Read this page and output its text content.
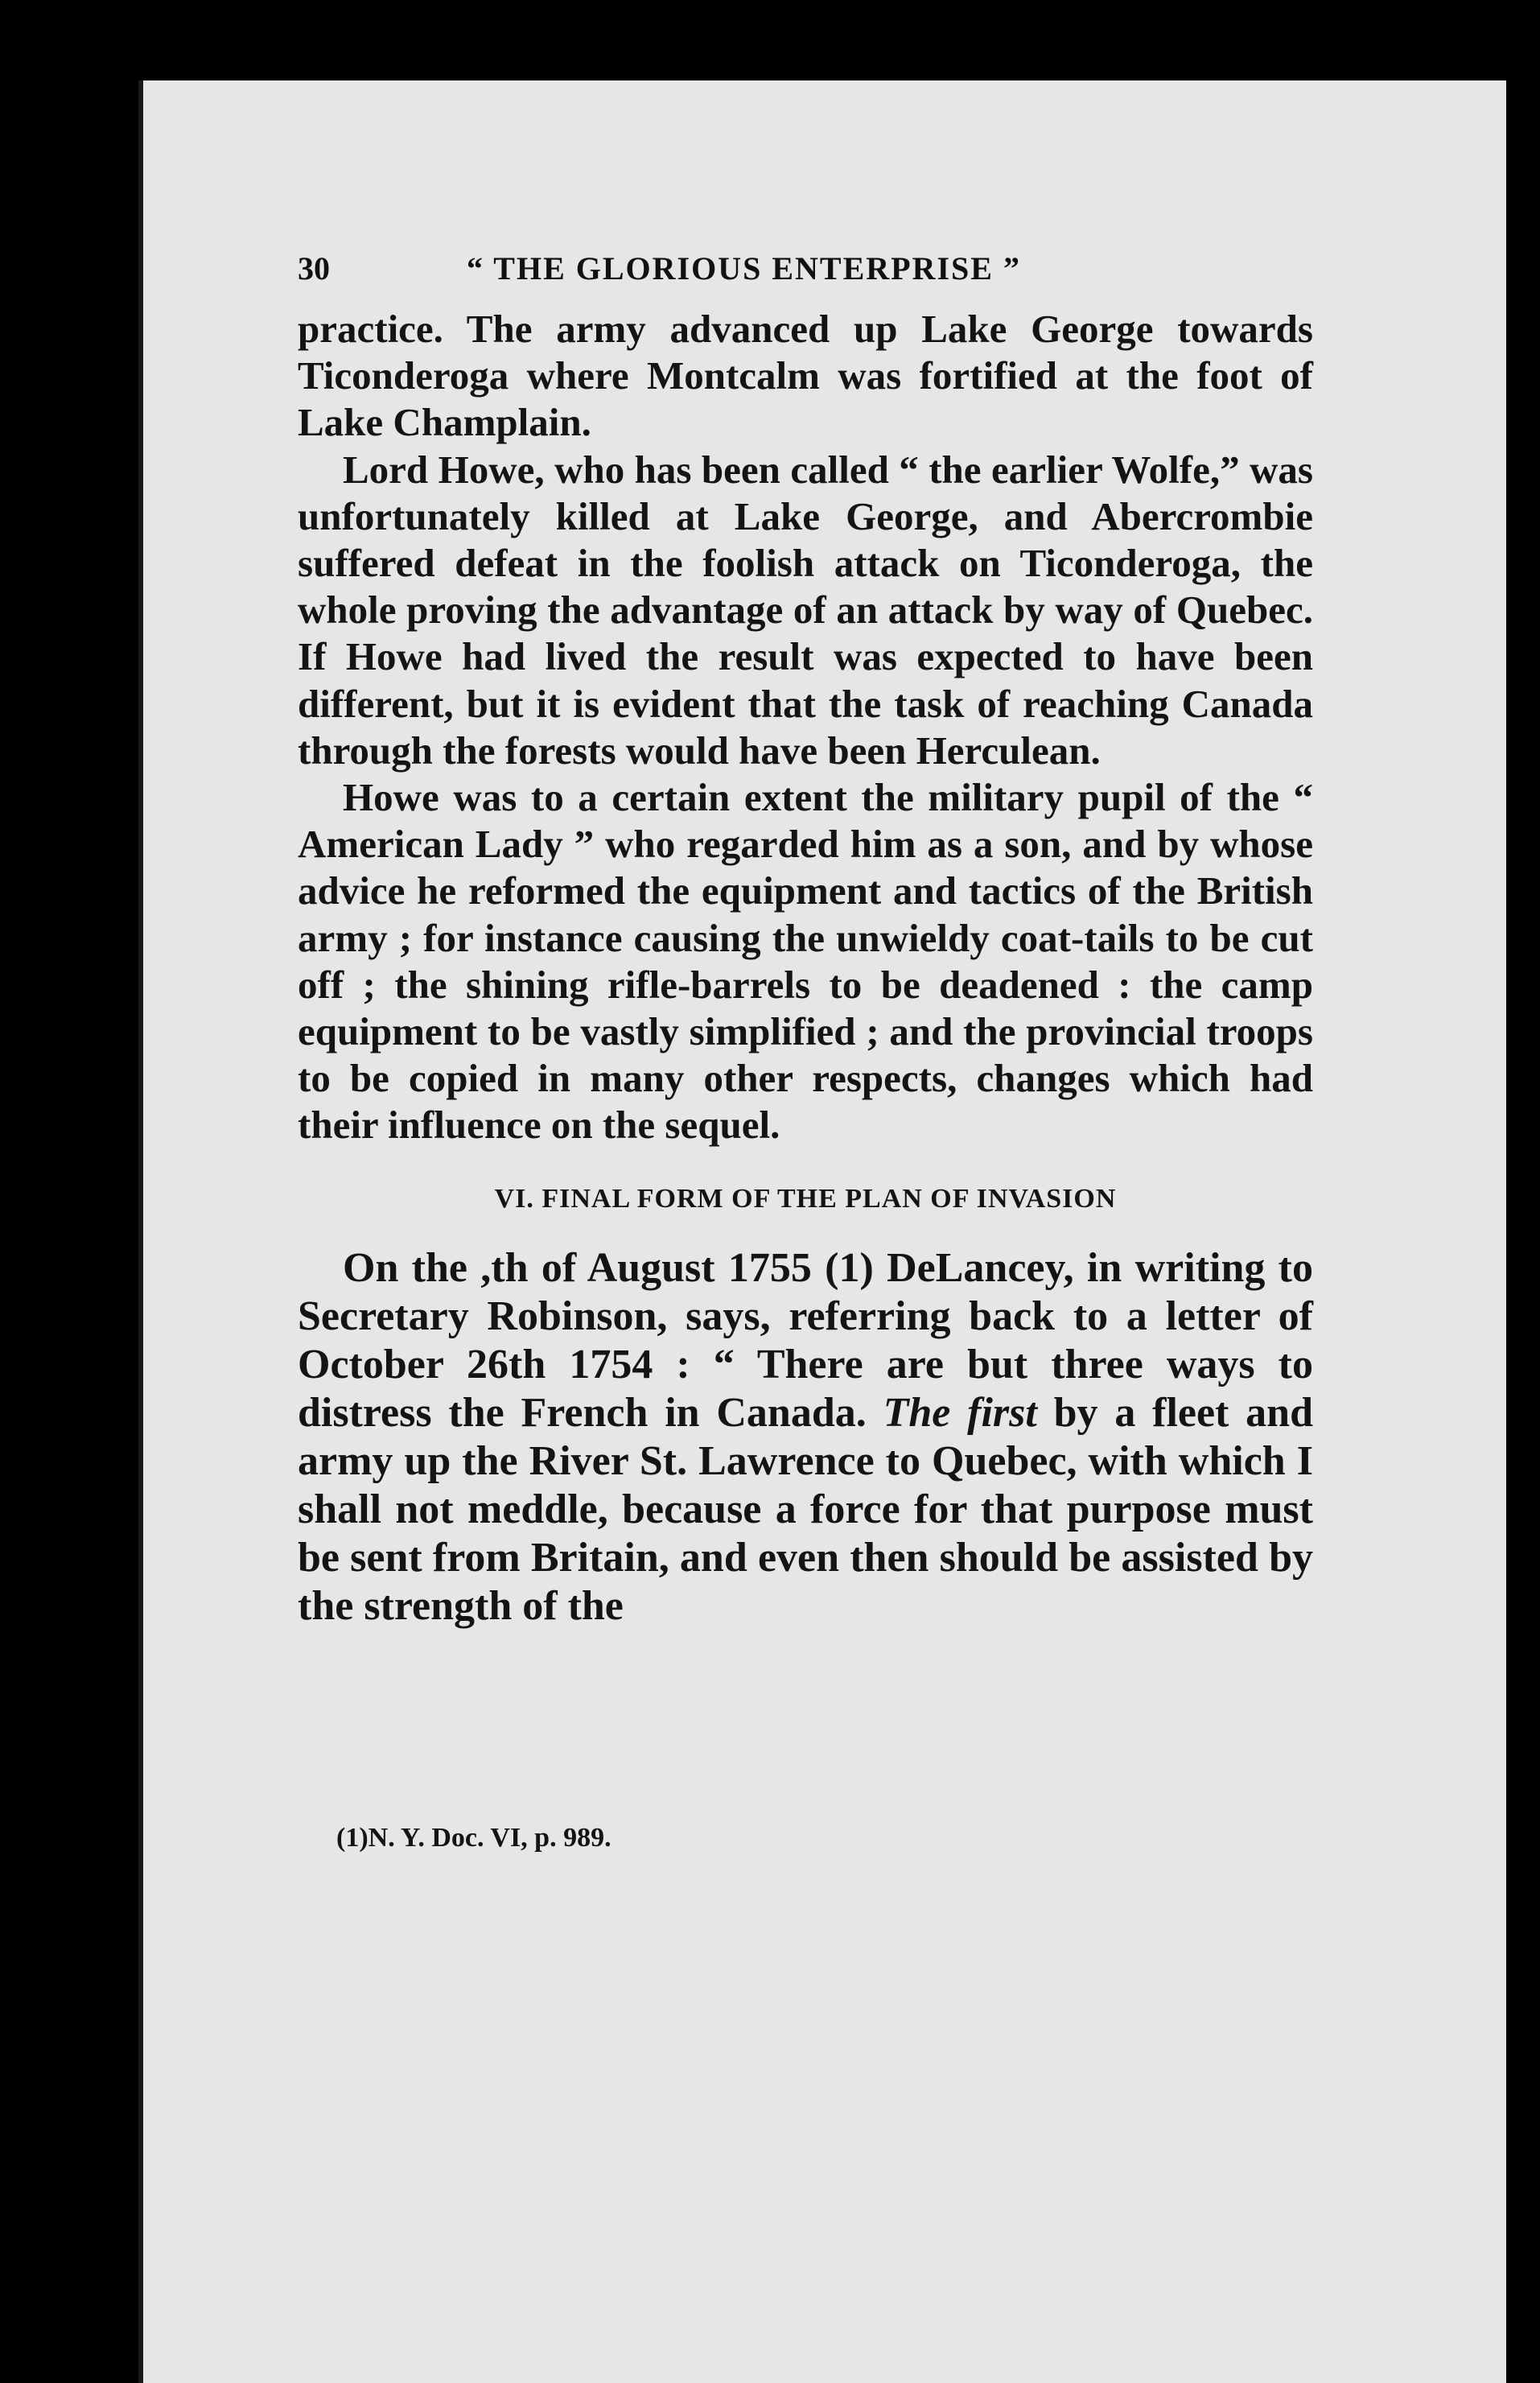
30	“ THE GLORIOUS ENTERPRISE ”

practice. The army advanced up Lake George towards Ticonderoga where Montcalm was fortified at the foot of Lake Champlain.

Lord Howe, who has been called “ the earlier Wolfe,” was unfortunately killed at Lake George, and Abercrombie suffered defeat in the foolish attack on Ticonderoga, the whole proving the advantage of an attack by way of Quebec. If Howe had lived the result was expected to have been different, but it is evident that the task of reaching Canada through the forests would have been Herculean.

Howe was to a certain extent the military pupil of the “ American Lady ” who regarded him as a son, and by whose advice he reformed the equipment and tactics of the British army ; for instance causing the unwieldy coat-tails to be cut off ; the shining rifle-barrels to be deadened : the camp equipment to be vastly simplified ; and the provincial troops to be copied in many other respects, changes which had their influence on the sequel.

VI. FINAL FORM OF THE PLAN OF INVASION

On the ,th of August 1755 (1) DeLancey, in writing to Secretary Robinson, says, referring back to a letter of October 26th 1754 : “ There are but three ways to distress the French in Canada. The first by a fleet and army up the River St. Lawrence to Quebec, with which I shall not meddle, because a force for that purpose must be sent from Britain, and even then should be assisted by the strength of the

(1)N. Y. Doc. VI, p. 989.
